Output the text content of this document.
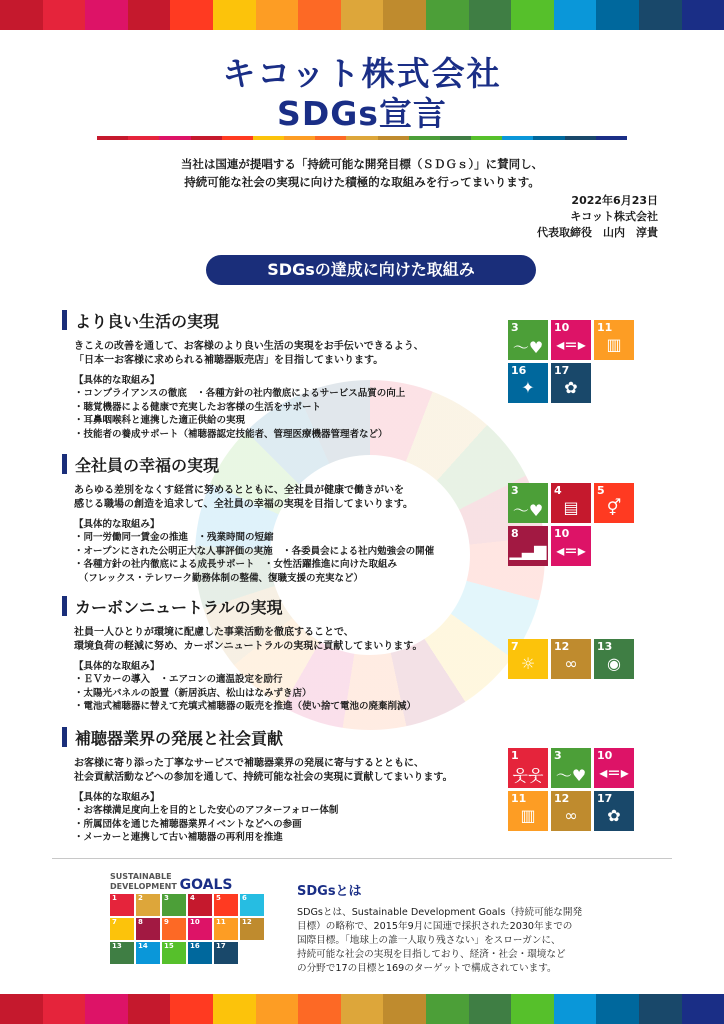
キコット株式会社
SDGs宣言
当社は国連が提唱する「持続可能な開発目標（ＳＤＧｓ）」に賛同し、
持続可能な社会の実現に向けた積極的な取組みを行ってまいります。
2022年6月23日
キコット株式会社
代表取締役　山内　淳貴
SDGsの達成に向けた取組み
より良い生活の実現
きこえの改善を通して、お客様のより良い生活の実現をお手伝いできるよう、
「日本一お客様に求められる補聴器販売店」を目指してまいります。
【具体的な取組み】
・コンプライアンスの徹底　・各種方針の社内徹底によるサービス品質の向上
・聴覚機器による健康で充実したお客様の生活をサポート
・耳鼻咽喉科と連携した適正供給の実現
・技能者の養成サポート（補聴器認定技能者、管理医療機器管理者など）
3
〜♥
10
◂=▸
11
▥
16
✦
17
✿
全社員の幸福の実現
あらゆる差別をなくす経営に努めるとともに、全社員が健康で働きがいを
感じる職場の創造を追求して、全社員の幸福の実現を目指してまいります。
【具体的な取組み】
・同一労働同一賃金の推進　・残業時間の短縮
・オープンにされた公明正大な人事評価の実施　・各委員会による社内勉強会の開催
・各種方針の社内徹底による成長サポート　・女性活躍推進に向けた取組み
　（フレックス・テレワーク勤務体制の整備、復職支援の充実など）
3
〜♥
4
▤
5
⚥
8
▁▃▆
10
◂=▸
カーボンニュートラルの実現
社員一人ひとりが環境に配慮した事業活動を徹底することで、
環境負荷の軽減に努め、カーボンニュートラルの実現に貢献してまいります。
【具体的な取組み】
・ＥＶカーの導入　・エアコンの適温設定を励行
・太陽光パネルの設置（新居浜店、松山はなみずき店）
・電池式補聴器に替えて充填式補聴器の販売を推進（使い捨て電池の廃棄削減）
7
☼
12
∞
13
◉
補聴器業界の発展と社会貢献
お客様に寄り添った丁寧なサービスで補聴器業界の発展に寄与するとともに、
社会貢献活動などへの参加を通して、持続可能な社会の実現に貢献してまいります。
【具体的な取組み】
・お客様満足度向上を目的とした安心のアフターフォロー体制
・所属団体を通じた補聴器業界イベントなどへの参画
・メーカーと連携して古い補聴器の再利用を推進
1
웃웃
3
〜♥
10
◂=▸
11
▥
12
∞
17
✿
SUSTAINABLE
DEVELOPMENT GOALS
1	2	3	4	5	6
7	8	9	10	11	12
13	14	15	16	17
SDGsとは
SDGsとは、Sustainable Development Goals（持続可能な開発
目標）の略称で、2015年9月に国連で採択された2030年までの
国際目標。「地球上の誰一人取り残さない」をスローガンに、
持続可能な社会の実現を目指しており、経済・社会・環境など
の分野で17の目標と169のターゲットで構成されています。
